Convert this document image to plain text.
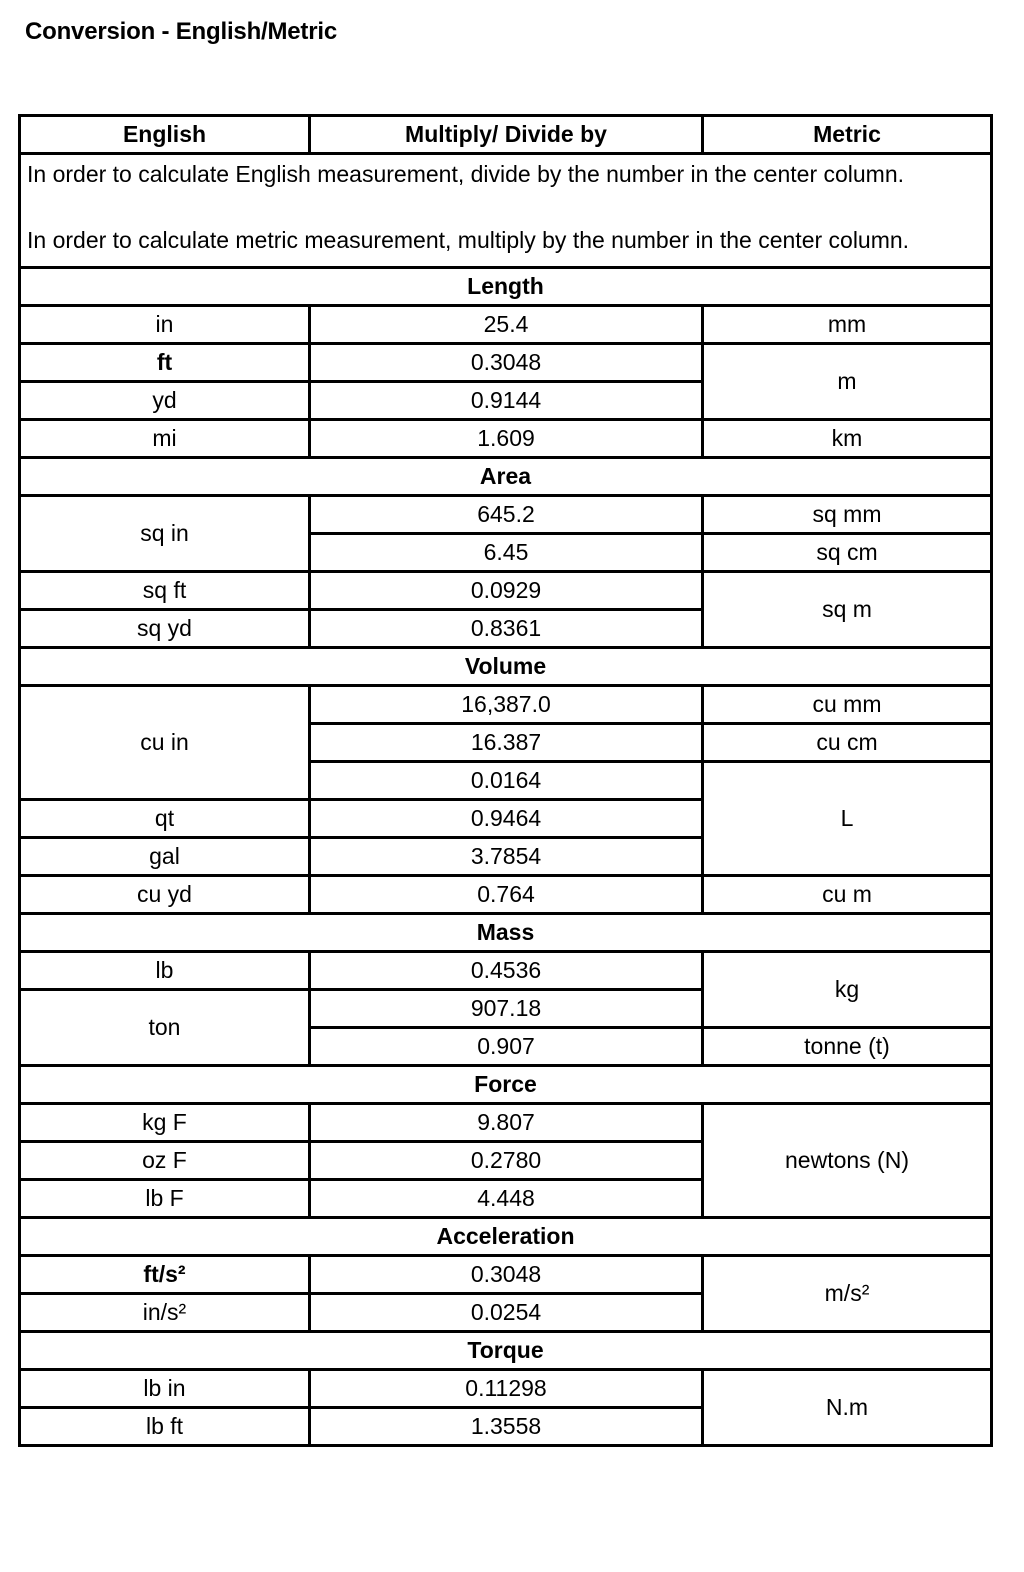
Conversion - English/Metric
English	Multiply/ Divide by	Metric

In order to calculate English measurement, divide by the number in the center column.
In order to calculate metric measurement, multiply by the number in the center column.		

Length		
in	25.4	mm
ft	0.3048	m
yd	0.9144	
mi	1.609	km
Area		
sq in	645.2	sq mm
	6.45	sq cm
sq ft	0.0929	sq m
sq yd	0.8361	
Volume		
cu in	16,387.0	cu mm
	16.387	cu cm
	0.0164	L
qt	0.9464	
gal	3.7854	
cu yd	0.764	cu m
Mass		
lb	0.4536	kg
ton	907.18	
	0.907	tonne (t)
Force		
kg F	9.807	newtons (N)
oz F	0.2780	
lb F	4.448	
Acceleration		
ft/s²	0.3048	m/s²
in/s²	0.0254	
Torque		
lb in	0.11298	N.m
lb ft	1.3558	
